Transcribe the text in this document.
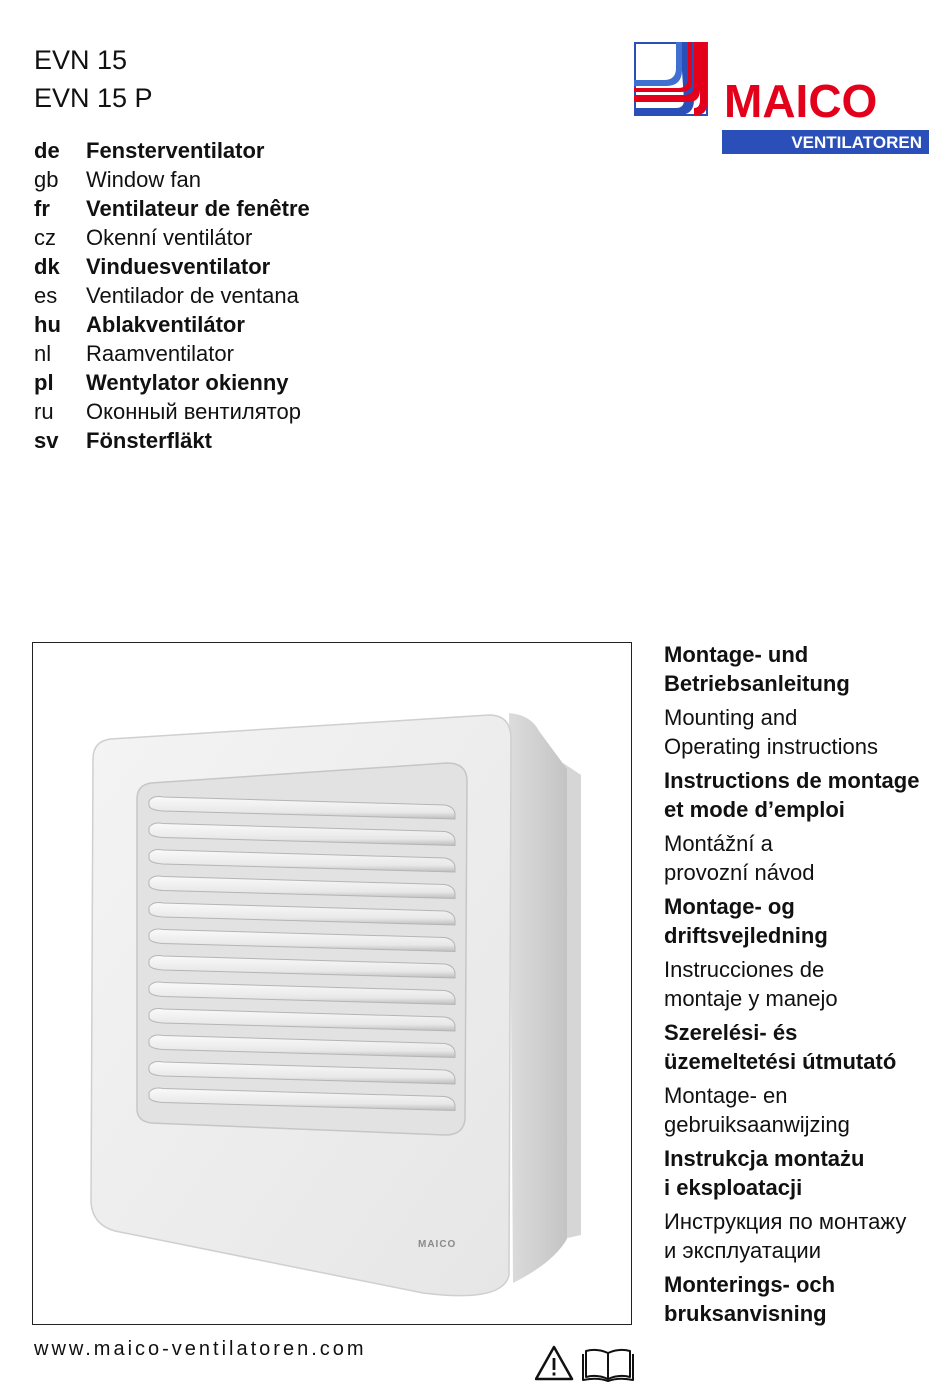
EVN 15
EVN 15 P
de Fensterventilator
gb Window fan
fr Ventilateur de fenêtre
cz Okenní ventilátor
dk Vinduesventilator
es Ventilador de ventana
hu Ablakventilátor
nl Raamventilator
pl Wentylator okienny
ru Оконный вентилятор
sv Fönsterfläkt
MAICO
VENTILATOREN
MAICO
Montage- und
Betriebsanleitung
Mounting and
Operating instructions
Instructions de montage
et mode d’emploi
Montážní a
provozní návod
Montage- og
driftsvejledning
Instrucciones de
montaje y manejo
Szerelési- és
üzemeltetési útmutató
Montage- en
gebruiksaanwijzing
Instrukcja montażu
i eksploatacji
Инструкция по монтажу
и эксплуатации
Monterings- och
bruksanvisning
www.maico-ventilatoren.com
